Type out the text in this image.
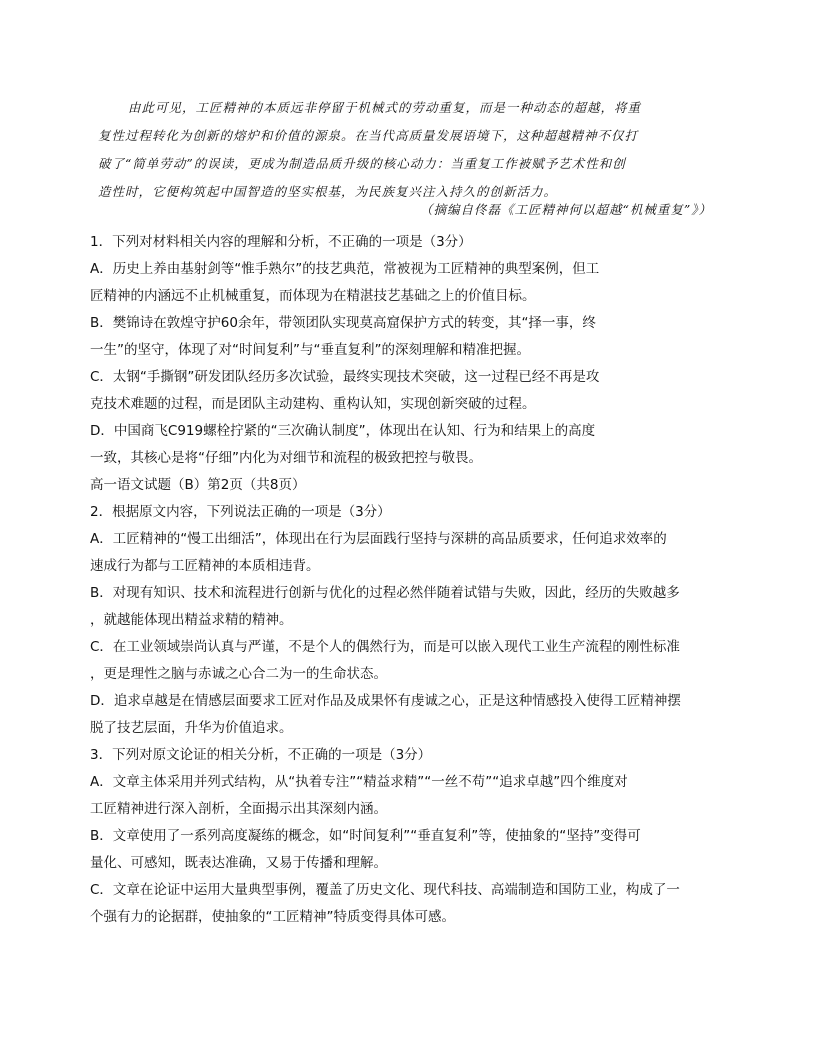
由此可见，工匠精神的本质远非停留于机械式的劳动重复，而是一种动态的超越，将重
复性过程转化为创新的熔炉和价值的源泉。在当代高质量发展语境下，这种超越精神不仅打
破了“简单劳动”的误读，更成为制造品质升级的核心动力：当重复工作被赋予艺术性和创
造性时，它便构筑起中国智造的坚实根基，为民族复兴注入持久的创新活力。
（摘编自佟磊《工匠精神何以超越“机械重复”》）
1．下列对材料相关内容的理解和分析，不正确的一项是（3分）
A．历史上养由基射剑等“惟手熟尔”的技艺典范，常被视为工匠精神的典型案例，但工
匠精神的内涵远不止机械重复，而体现为在精湛技艺基础之上的价值目标。
B．樊锦诗在敦煌守护60余年，带领团队实现莫高窟保护方式的转变，其“择一事，终
一生”的坚守，体现了对“时间复利”与“垂直复利”的深刻理解和精准把握。
C．太钢“手撕钢”研发团队经历多次试验，最终实现技术突破，这一过程已经不再是攻
克技术难题的过程，而是团队主动建构、重构认知，实现创新突破的过程。
D．中国商飞C919螺栓拧紧的“三次确认制度”，体现出在认知、行为和结果上的高度
一致，其核心是将“仔细”内化为对细节和流程的极致把控与敬畏。
高一语文试题（B）第2页（共8页）
2．根据原文内容，下列说法正确的一项是（3分）
A．工匠精神的“慢工出细活”，体现出在行为层面践行坚持与深耕的高品质要求，任何追求效率的
速成行为都与工匠精神的本质相违背。
B．对现有知识、技术和流程进行创新与优化的过程必然伴随着试错与失败，因此，经历的失败越多
，就越能体现出精益求精的精神。
C．在工业领域崇尚认真与严谨，不是个人的偶然行为，而是可以嵌入现代工业生产流程的刚性标准
，更是理性之脑与赤诚之心合二为一的生命状态。
D．追求卓越是在情感层面要求工匠对作品及成果怀有虔诚之心，正是这种情感投入使得工匠精神摆
脱了技艺层面，升华为价值追求。
3．下列对原文论证的相关分析，不正确的一项是（3分）
A．文章主体采用并列式结构，从“执着专注”“精益求精”“一丝不苟”“追求卓越”四个维度对
工匠精神进行深入剖析，全面揭示出其深刻内涵。
B．文章使用了一系列高度凝练的概念，如“时间复利”“垂直复利”等，使抽象的“坚持”变得可
量化、可感知，既表达准确，又易于传播和理解。
C．文章在论证中运用大量典型事例，覆盖了历史文化、现代科技、高端制造和国防工业，构成了一
个强有力的论据群，使抽象的“工匠精神”特质变得具体可感。
